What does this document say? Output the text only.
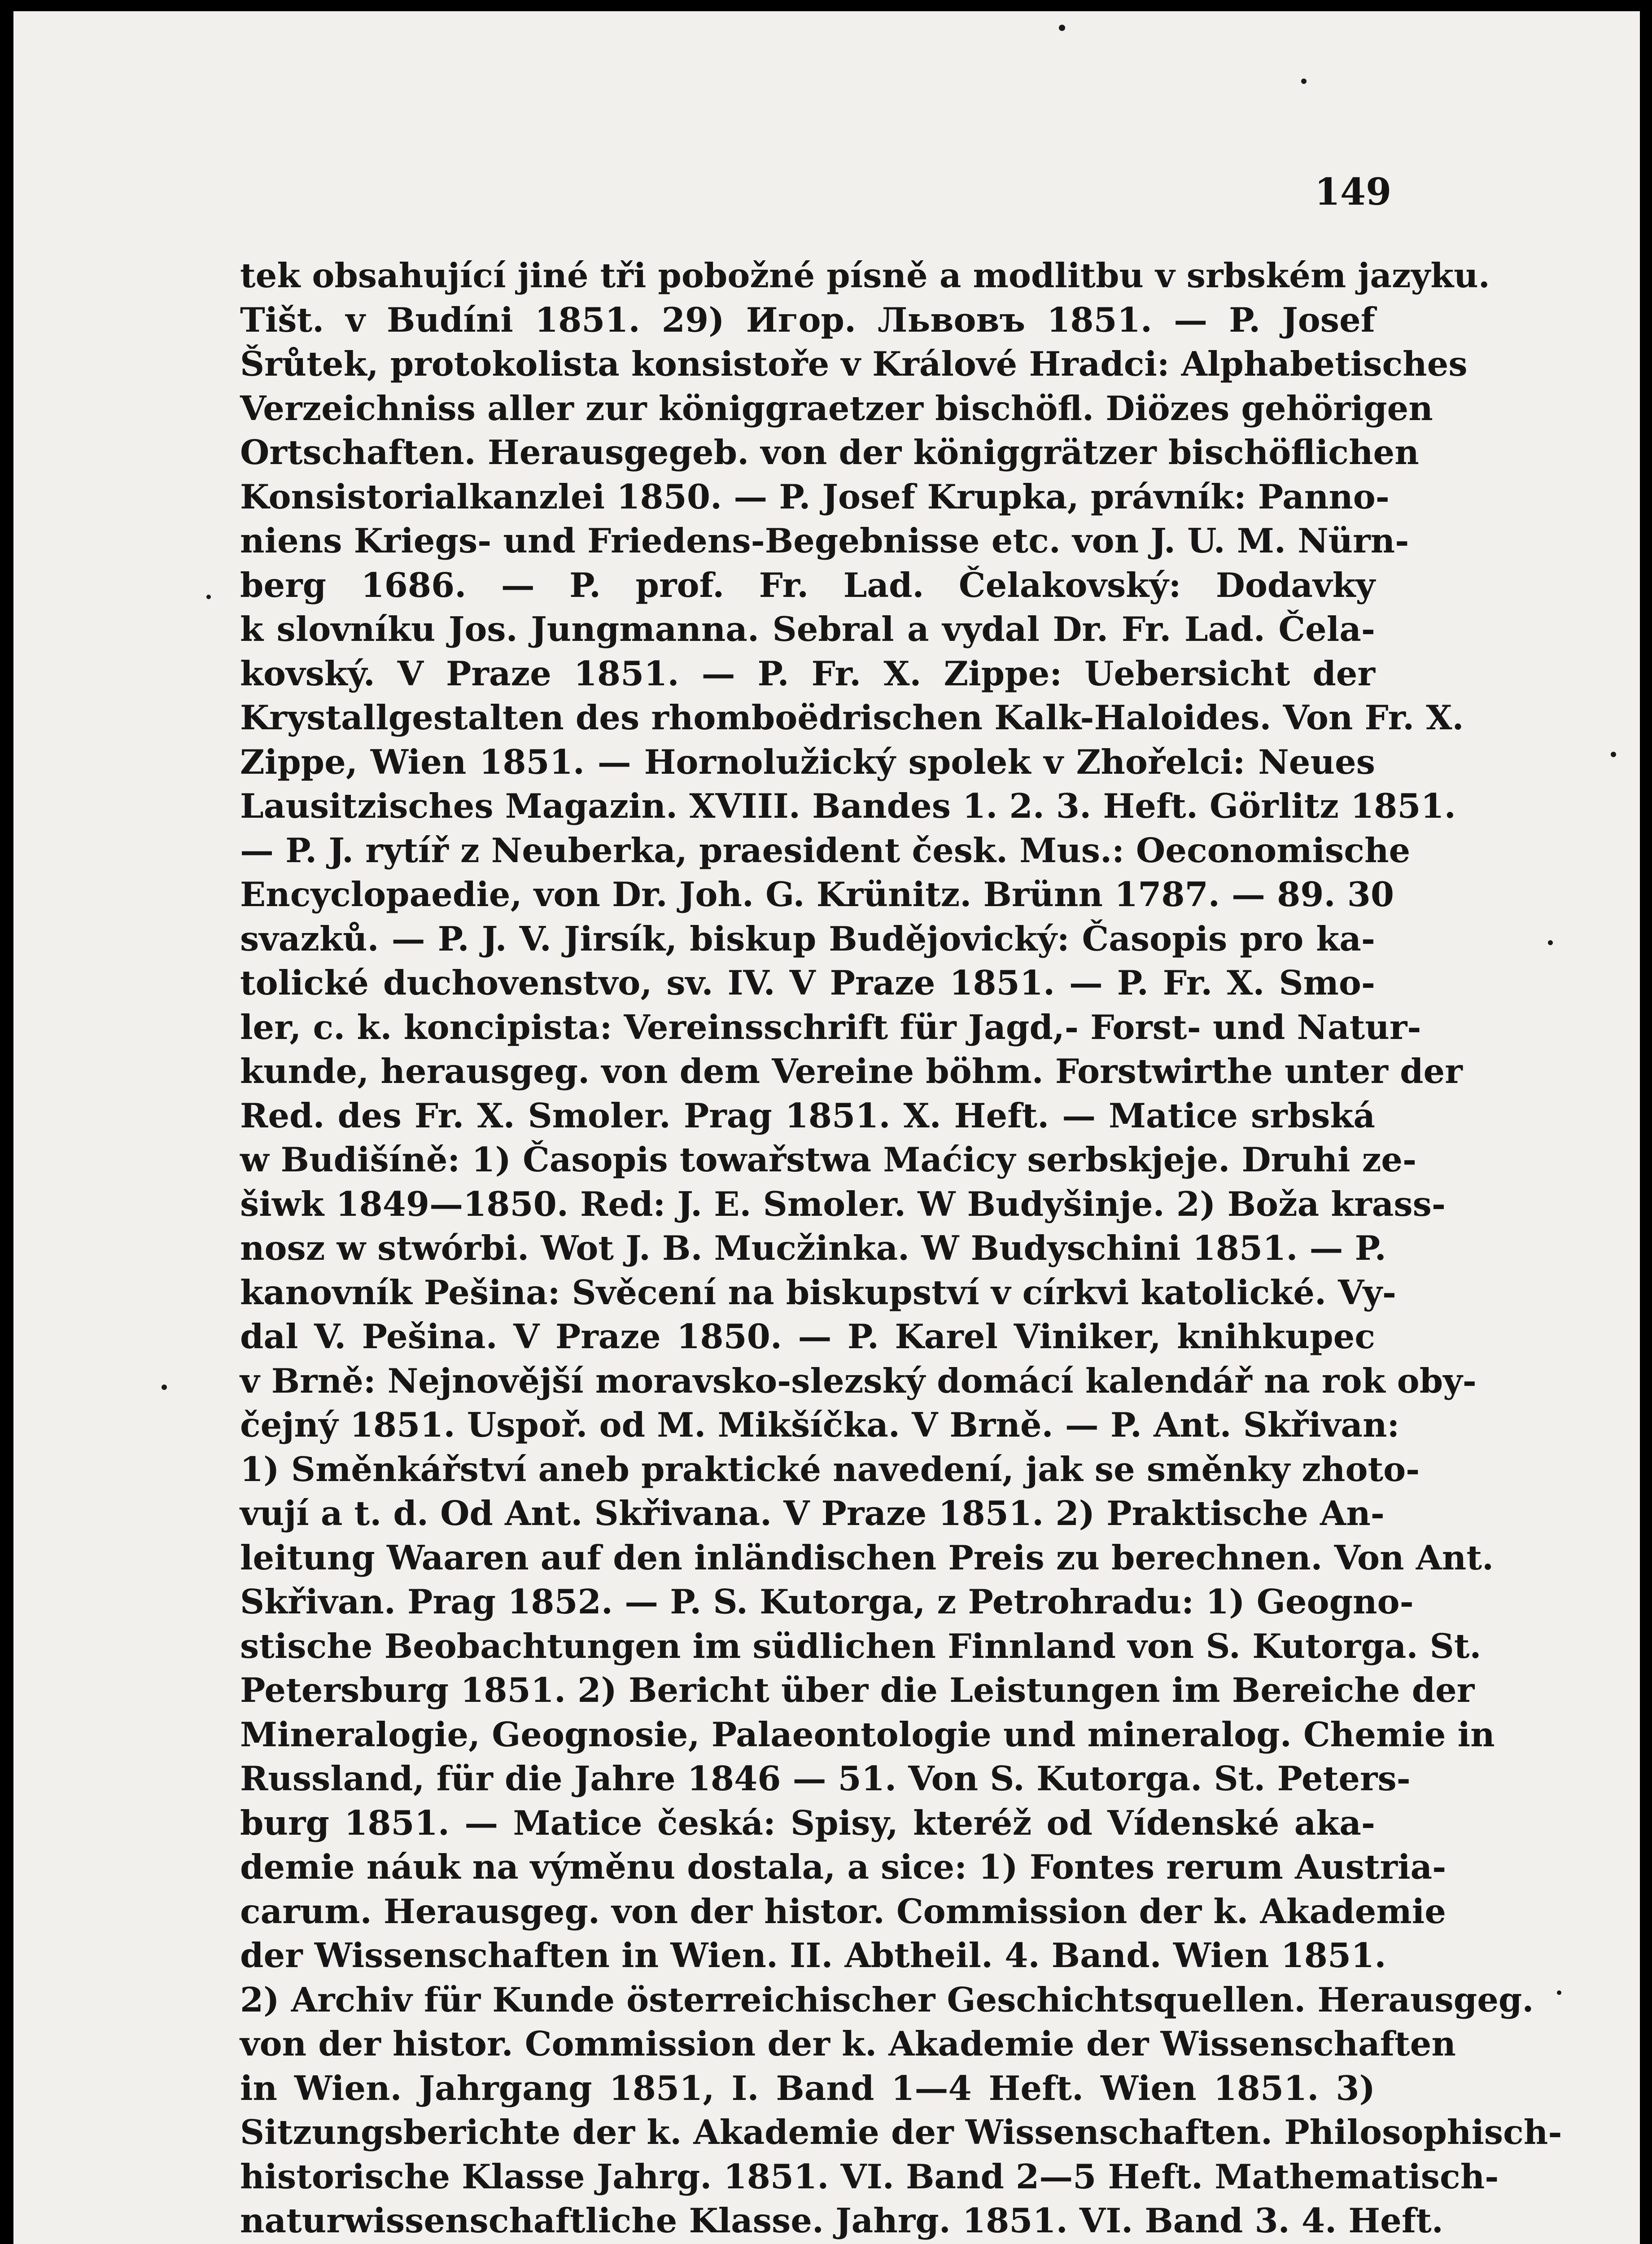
149
tek obsahující jiné tři pobožné písně a modlitbu v srbském jazyku.
Tišt. v Budíni 1851. 29) Игор. Львовъ 1851. — P. Josef
Šrůtek, protokolista konsistoře v Králové Hradci: Alphabetisches
Verzeichniss aller zur königgraetzer bischöfl. Diözes gehörigen
Ortschaften. Herausgegeb. von der königgrätzer bischöflichen
Konsistorialkanzlei 1850. — P. Josef Krupka, právník: Panno-
niens Kriegs- und Friedens-Begebnisse etc. von J. U. M. Nürn-
berg 1686. — P. prof. Fr. Lad. Čelakovský: Dodavky
k slovníku Jos. Jungmanna. Sebral a vydal Dr. Fr. Lad. Čela-
kovský. V Praze 1851. — P. Fr. X. Zippe: Uebersicht der
Krystallgestalten des rhomboëdrischen Kalk-Haloides. Von Fr. X.
Zippe, Wien 1851. — Hornolužický spolek v Zhořelci: Neues
Lausitzisches Magazin. XVIII. Bandes 1. 2. 3. Heft. Görlitz 1851.
— P. J. rytíř z Neuberka, praesident česk. Mus.: Oeconomische
Encyclopaedie, von Dr. Joh. G. Krünitz. Brünn 1787. — 89. 30
svazků. — P. J. V. Jirsík, biskup Budějovický: Časopis pro ka-
tolické duchovenstvo, sv. IV. V Praze 1851. — P. Fr. X. Smo-
ler, c. k. koncipista: Vereinsschrift für Jagd,- Forst- und Natur-
kunde, herausgeg. von dem Vereine böhm. Forstwirthe unter der
Red. des Fr. X. Smoler. Prag 1851. X. Heft. — Matice srbská
w Budišíně: 1) Časopis towařstwa Maćicy serbskjeje. Druhi ze-
šiwk 1849—1850. Red: J. E. Smoler. W Budyšinje. 2) Boža krass-
nosz w stwórbi. Wot J. B. Mucžinka. W Budyschini 1851. — P.
kanovník Pešina: Svěcení na biskupství v církvi katolické. Vy-
dal V. Pešina. V Praze 1850. — P. Karel Viniker, knihkupec
v Brně: Nejnovější moravsko-slezský domácí kalendář na rok oby-
čejný 1851. Uspoř. od M. Mikšíčka. V Brně. — P. Ant. Skřivan:
1) Směnkářství aneb praktické navedení, jak se směnky zhoto-
vují a t. d. Od Ant. Skřivana. V Praze 1851. 2) Praktische An-
leitung Waaren auf den inländischen Preis zu berechnen. Von Ant.
Skřivan. Prag 1852. — P. S. Kutorga, z Petrohradu: 1) Geogno-
stische Beobachtungen im südlichen Finnland von S. Kutorga. St.
Petersburg 1851. 2) Bericht über die Leistungen im Bereiche der
Mineralogie, Geognosie, Palaeontologie und mineralog. Chemie in
Russland, für die Jahre 1846 — 51. Von S. Kutorga. St. Peters-
burg 1851. — Matice česká: Spisy, kteréž od Vídenské aka-
demie náuk na výměnu dostala, a sice: 1) Fontes rerum Austria-
carum. Herausgeg. von der histor. Commission der k. Akademie
der Wissenschaften in Wien. II. Abtheil. 4. Band. Wien 1851.
2) Archiv für Kunde österreichischer Geschichtsquellen. Herausgeg.
von der histor. Commission der k. Akademie der Wissenschaften
in Wien. Jahrgang 1851, I. Band 1—4 Heft. Wien 1851. 3)
Sitzungsberichte der k. Akademie der Wissenschaften. Philosophisch-
historische Klasse Jahrg. 1851. VI. Band 2—5 Heft. Mathematisch-
naturwissenschaftliche Klasse. Jahrg. 1851. VI. Band 3. 4. Heft.
